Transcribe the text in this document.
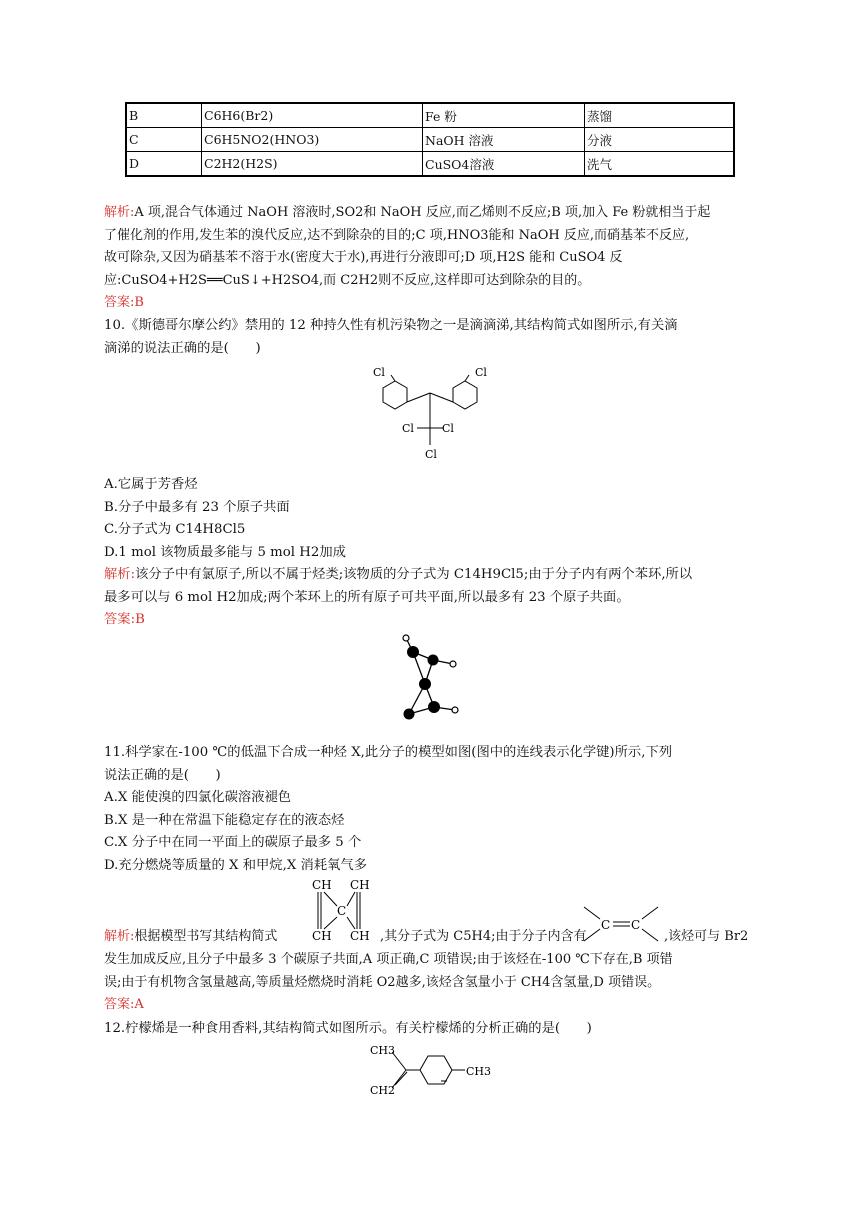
B	C6H6(Br2)	Fe 粉	蒸馏
C	C6H5NO2(HNO3)	NaOH 溶液	分液
D	C2H2(H2S)	CuSO4溶液	洗气
解析:A 项,混合气体通过 NaOH 溶液时,SO2和 NaOH 反应,而乙烯则不反应;B 项,加入 Fe 粉就相当于起
了催化剂的作用,发生苯的溴代反应,达不到除杂的目的;C 项,HNO3能和 NaOH 反应,而硝基苯不反应,
故可除杂,又因为硝基苯不溶于水(密度大于水),再进行分液即可;D 项,H2S 能和 CuSO4 反
应:CuSO4+H2S══CuS↓+H2SO4,而 C2H2则不反应,这样即可达到除杂的目的。
答案:B
10.《斯德哥尔摩公约》禁用的 12 种持久性有机污染物之一是滴滴涕,其结构简式如图所示,有关滴
滴涕的说法正确的是(　　)
Cl	Cl
Cl	Cl
Cl
A.它属于芳香烃
B.分子中最多有 23 个原子共面
C.分子式为 C14H8Cl5
D.1 mol 该物质最多能与 5 mol H2加成
解析:该分子中有氯原子,所以不属于烃类;该物质的分子式为 C14H9Cl5;由于分子内有两个苯环,所以
最多可以与 6 mol H2加成;两个苯环上的所有原子可共平面,所以最多有 23 个原子共面。
答案:B
11.科学家在-100 ℃的低温下合成一种烃 X,此分子的模型如图(图中的连线表示化学键)所示,下列
说法正确的是(　　)
A.X 能使溴的四氯化碳溶液褪色
B.X 是一种在常温下能稳定存在的液态烃
C.X 分子中在同一平面上的碳原子最多 5 个
D.充分燃烧等质量的 X 和甲烷,X 消耗氧气多
解析:根据模型书写其结构简式
CH CH
C
CH CH ,其分子式为 C5H4;由于分子内含有
C C
,该烃可与 Br2
发生加成反应,且分子中最多 3 个碳原子共面,A 项正确,C 项错误;由于该烃在-100 ℃下存在,B 项错
误;由于有机物含氢量越高,等质量烃燃烧时消耗 O2越多,该烃含氢量小于 CH4含氢量,D 项错误。
答案:A
12.柠檬烯是一种食用香料,其结构简式如图所示。有关柠檬烯的分析正确的是(　　)
CH3
CH2
CH3
